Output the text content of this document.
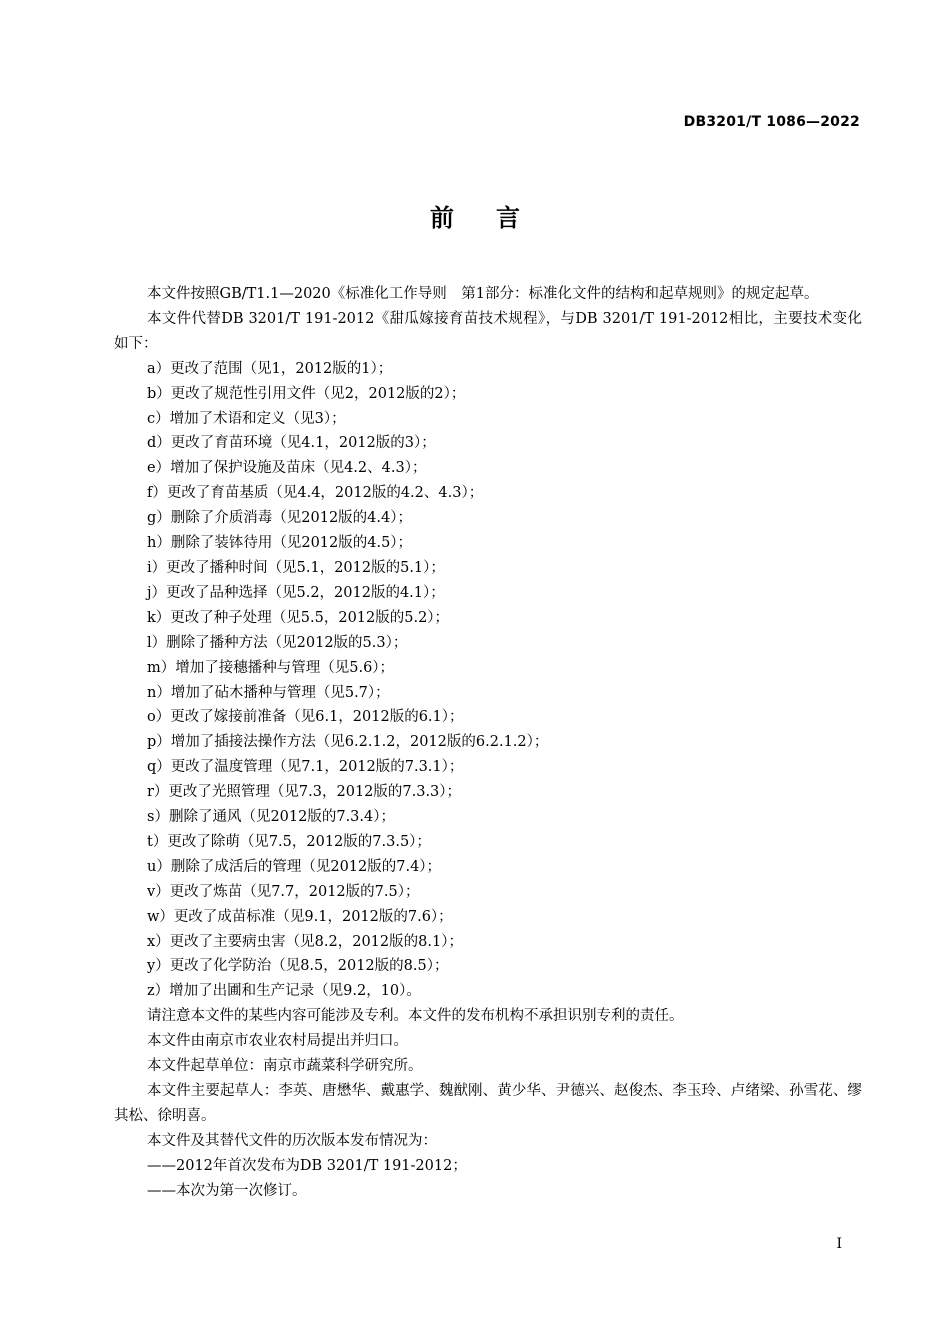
DB3201/T 1086—2022
前言

本文件按照GB/T1.1—2020《标准化工作导则　第1部分：标准化文件的结构和起草规则》的规定起草。

本文件代替DB 3201/T 191-2012《甜瓜嫁接育苗技术规程》，与DB 3201/T 191-2012相比，主要技术变化如下：

a）更改了范围（见1，2012版的1）；
b）更改了规范性引用文件（见2，2012版的2）；
c）增加了术语和定义（见3）；
d）更改了育苗环境（见4.1，2012版的3）；
e）增加了保护设施及苗床（见4.2、4.3）；
f）更改了育苗基质（见4.4，2012版的4.2、4.3）；
g）删除了介质消毒（见2012版的4.4）；
h）删除了装钵待用（见2012版的4.5）；
i）更改了播种时间（见5.1，2012版的5.1）；
j）更改了品种选择（见5.2，2012版的4.1）；
k）更改了种子处理（见5.5，2012版的5.2）；
l）删除了播种方法（见2012版的5.3）；
m）增加了接穗播种与管理（见5.6）；
n）增加了砧木播种与管理（见5.7）；
o）更改了嫁接前准备（见6.1，2012版的6.1）；
p）增加了插接法操作方法（见6.2.1.2，2012版的6.2.1.2）；
q）更改了温度管理（见7.1，2012版的7.3.1）；
r）更改了光照管理（见7.3，2012版的7.3.3）；
s）删除了通风（见2012版的7.3.4）；
t）更改了除萌（见7.5，2012版的7.3.5）；
u）删除了成活后的管理（见2012版的7.4）；
v）更改了炼苗（见7.7，2012版的7.5）；
w）更改了成苗标准（见9.1，2012版的7.6）；
x）更改了主要病虫害（见8.2，2012版的8.1）；
y）更改了化学防治（见8.5，2012版的8.5）；
z）增加了出圃和生产记录（见9.2，10）。

请注意本文件的某些内容可能涉及专利。本文件的发布机构不承担识别专利的责任。

本文件由南京市农业农村局提出并归口。

本文件起草单位：南京市蔬菜科学研究所。

本文件主要起草人：李英、唐懋华、戴惠学、魏猷刚、黄少华、尹德兴、赵俊杰、李玉玲、卢绪梁、孙雪花、缪其松、徐明喜。

本文件及其替代文件的历次版本发布情况为：

——2012年首次发布为DB 3201/T 191-2012；

——本次为第一次修订。

I
